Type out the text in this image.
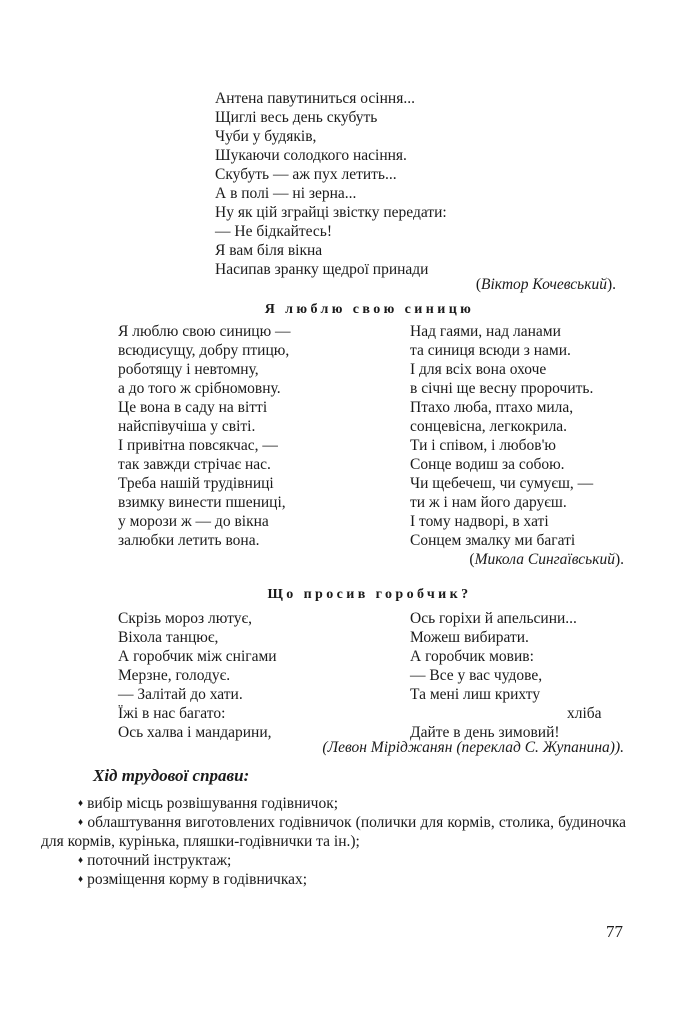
Антена павутиниться осіння...
Щиглі весь день скубуть
Чуби у будяків,
Шукаючи солодкого насіння.
Скубуть — аж пух летить...
А в полі — ні зерна...
Ну як цій зграйці звістку передати:
— Не бідкайтесь!
Я вам біля вікна
Насипав зранку щедрої принади
(Віктор Кочевський).
Я люблю свою синицю
Я люблю свою синицю —
всюдисущу, добру птицю,
роботящу і невтомну,
а до того ж срібномовну.
Це вона в саду на вітті
найспівучіша у світі.
І привітна повсякчас, —
так завжди стрічає нас.
Треба нашій трудівниці
взимку винести пшениці,
у морози ж — до вікна
залюбки летить вона.
Над гаями, над ланами
та синиця всюди з нами.
І для всіх вона охоче
в січні ще весну пророчить.
Птахо люба, птахо мила,
сонцевісна, легкокрила.
Ти і співом, і любов'ю
Сонце водиш за собою.
Чи щебечеш, чи сумуєш, —
ти ж і нам його даруєш.
І тому надворі, в хаті
Сонцем змалку ми багаті
(Микола Сингаївський).
Що просив горобчик?
Скрізь мороз лютує,
Віхола танцює,
А горобчик між снігами
Мерзне, голодує.
— Залітай до хати.
Їжі в нас багато:
Ось халва і мандарини,
Ось горіхи й апельсини...
Можеш вибирати.
А горобчик мовив:
— Все у вас чудове,
Та мені лиш крихту
хліба
Дайте в день зимовий!
(Левон Мірiджанян (переклад С. Жупанина)).
Хід трудової справи:
♦ вибір місць розвішування годівничок;
♦ облаштування виготовлених годівничок (полички для кормів, столика, будиночка для кормів, курінька, пляшки-годівнички та ін.);
♦ поточний інструктаж;
♦ розміщення корму в годівничках;
77
